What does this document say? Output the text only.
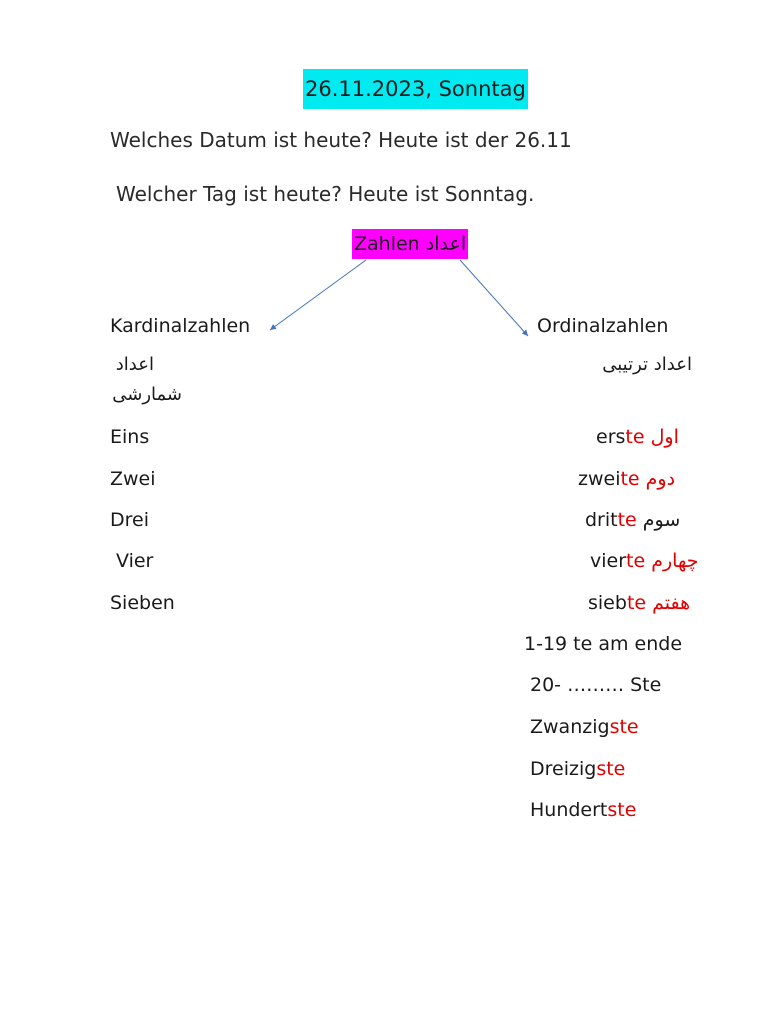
26.11.2023, Sonntag
Welches Datum ist heute? Heute ist der 26.11
Welcher Tag ist heute? Heute ist Sonntag.
Zahlen اعداد
Kardinalzahlen
اعداد
شمارشی
Eins
Zwei
Drei
Vier
Sieben
Ordinalzahlen
اعداد ترتیبی
erste اول
zweite دوم
dritte سوم
vierte چهارم
siebte هفتم
1-19 te am ende
20- ……… Ste
Zwanzigste
Dreizigste
Hundertste
